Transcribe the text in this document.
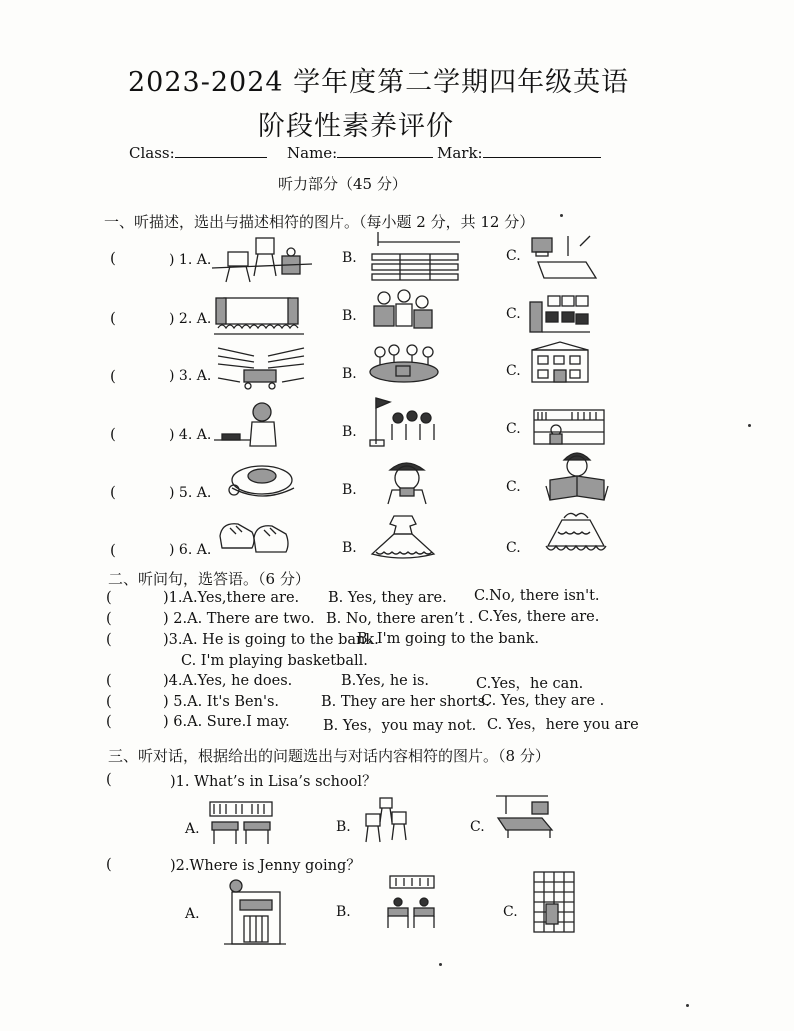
2023-2024 学年度第二学期四年级英语
阶段性素养评价
Class:	Name:	Mark:
听力部分（45 分）
一、听描述，选出与描述相符的图片。（每小题 2 分，共 12 分）
(	) 1. A.	B.	C.
(	) 2. A.	B.	C.
(	) 3. A.	B.	C.
(	) 4. A.	B.	C.
(	) 5. A.	B.	C.
(	) 6. A.	B.	C.
二、听问句，选答语。（6 分）
(	)1.A.Yes,there are. B. Yes, they are. C.No, there isn't.
(	) 2.A. There are two. B. No, there aren’t . C.Yes, there are.
(	)3.A. He is going to the bank.
B. I'm going to the bank.
C. I'm playing basketball.
(	)4.A.Yes, he does.	B.Yes, he is.	C.Yes，he can.
(	) 5.A. It's Ben's.	B. They are her shorts.
C. Yes, they are .
(	) 6.A. Sure.I may. B. Yes，you may not. C. Yes，here you are
三、听对话，根据给出的问题选出与对话内容相符的图片。（8 分）
(	)1. What’s in Lisa’s school？
A.	B.	C.
(	)2.Where is Jenny going？
A.	B.	C.
